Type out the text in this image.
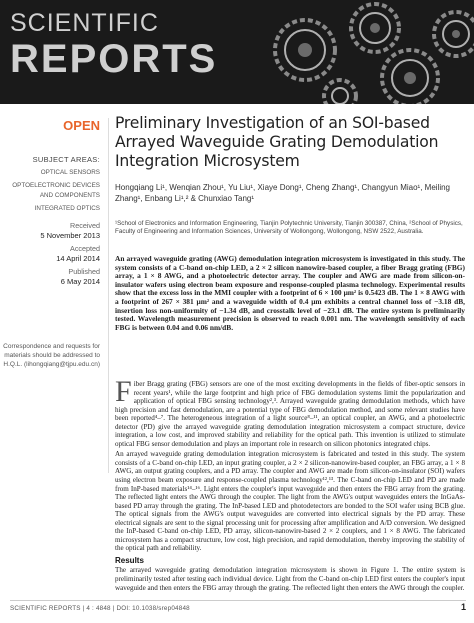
SCIENTIFIC
REPORTS
OPEN
SUBJECT AREAS:
OPTICAL SENSORS
OPTOELECTRONIC DEVICES AND COMPONENTS
INTEGRATED OPTICS
Received
5 November 2013
Accepted
14 April 2014
Published
6 May 2014
Correspondence and requests for materials should be addressed to H.Q.L. (lihongqiang@tjpu.edu.cn)
Preliminary Investigation of an SOI-based Arrayed Waveguide Grating Demodulation Integration Microsystem
Hongqiang Li¹, Wenqian Zhou¹, Yu Liu¹, Xiaye Dong¹, Cheng Zhang¹, Changyun Miao¹, Meiling Zhang¹, Enbang Li¹,² & Chunxiao Tang¹
¹School of Electronics and Information Engineering, Tianjin Polytechnic University, Tianjin 300387, China, ²School of Physics, Faculty of Engineering and Information Sciences, University of Wollongong, Wollongong, NSW 2522, Australia.
An arrayed waveguide grating (AWG) demodulation integration microsystem is investigated in this study. The system consists of a C-band on-chip LED, a 2 × 2 silicon nanowire-based coupler, a fiber Bragg grating (FBG) array, a 1 × 8 AWG, and a photoelectric detector array. The coupler and AWG are made from silicon-on-insulator wafers using electron beam exposure and response-coupled plasma technology. Experimental results show that the excess loss in the MMI coupler with a footprint of 6 × 100 μm² is 0.5423 dB. The 1 × 8 AWG with a footprint of 267 × 381 μm² and a waveguide width of 0.4 μm exhibits a central channel loss of −3.18 dB, insertion loss non-uniformity of −1.34 dB, and crosstalk level of −23.1 dB. The entire system is preliminarily tested. Wavelength measurement precision is observed to reach 0.001 nm. The wavelength sensitivity of each FBG is between 0.04 and 0.06 nm/dB.

Fiber Bragg grating (FBG) sensors are one of the most exciting developments in the fields of fiber-optic sensors in recent years¹, while the large footprint and high price of FBG demodulation systems limit the popularization and application of optical FBG sensing technology²,³. Arrayed waveguide grating demodulation methods, which have high precision and fast demodulation, are a potential type of FBG demodulation method, and some relevant studies have been reported⁴–⁷. The heterogeneous integration of a light source⁸–¹¹, an optical coupler, an AWG, and a photoelectric detector (PD) give the arrayed waveguide grating demodulation integration microsystem a compact structure, device integration, a low cost, and improved stability and reliability for the optical path. This invention is utilized to stimulate optical FBG sensor demodulation and plays an important role in research on silicon photonics integrated chips.

An arrayed waveguide grating demodulation integration microsystem is fabricated and tested in this study. The system consists of a C-band on-chip LED, an input grating coupler, a 2 × 2 silicon-nanowire-based coupler, an FBG array, a 1 × 8 AWG, an output grating couplers, and a PD array. The coupler and AWG are made from silicon-on-insulator (SOI) wafers using electron beam exposure and response-coupled plasma technology¹²,¹³. The C-band on-chip LED and PD are made from InP-based materials¹⁴–¹⁶. Light enters the coupler's input waveguide and then enters the FBG array from the grating. The reflected light enters the AWG through the coupler. The light from the AWG's output waveguides enters the InGaAs-based PD array through the grating. The InP-based LED and photodetectors are bonded to the SOI wafer using BCB glue. The optical signals from the AWG's output waveguides are converted into electrical signals by the PD array. These electrical signals are sent to the signal processing unit for processing after amplification and A/D conversion. We designed the InP-based C-band on-chip LED, PD array, silicon-nanowire-based 2 × 2 couplers, and 1 × 8 AWG. The fabricated microsystem has a compact structure, low cost, high precision, and rapid demodulation, thereby improving the stability of the optical path and reliability.

Results

The arrayed waveguide grating demodulation integration microsystem is shown in Figure 1. The entire system is preliminarily tested after testing each individual device. Light from the C-band on-chip LED first enters the coupler's input waveguide and then enters the FBG array through the grating. The reflected light then enters the AWG through the coupler.

SCIENTIFIC REPORTS | 4 : 4848 | DOI: 10.1038/srep04848	1
